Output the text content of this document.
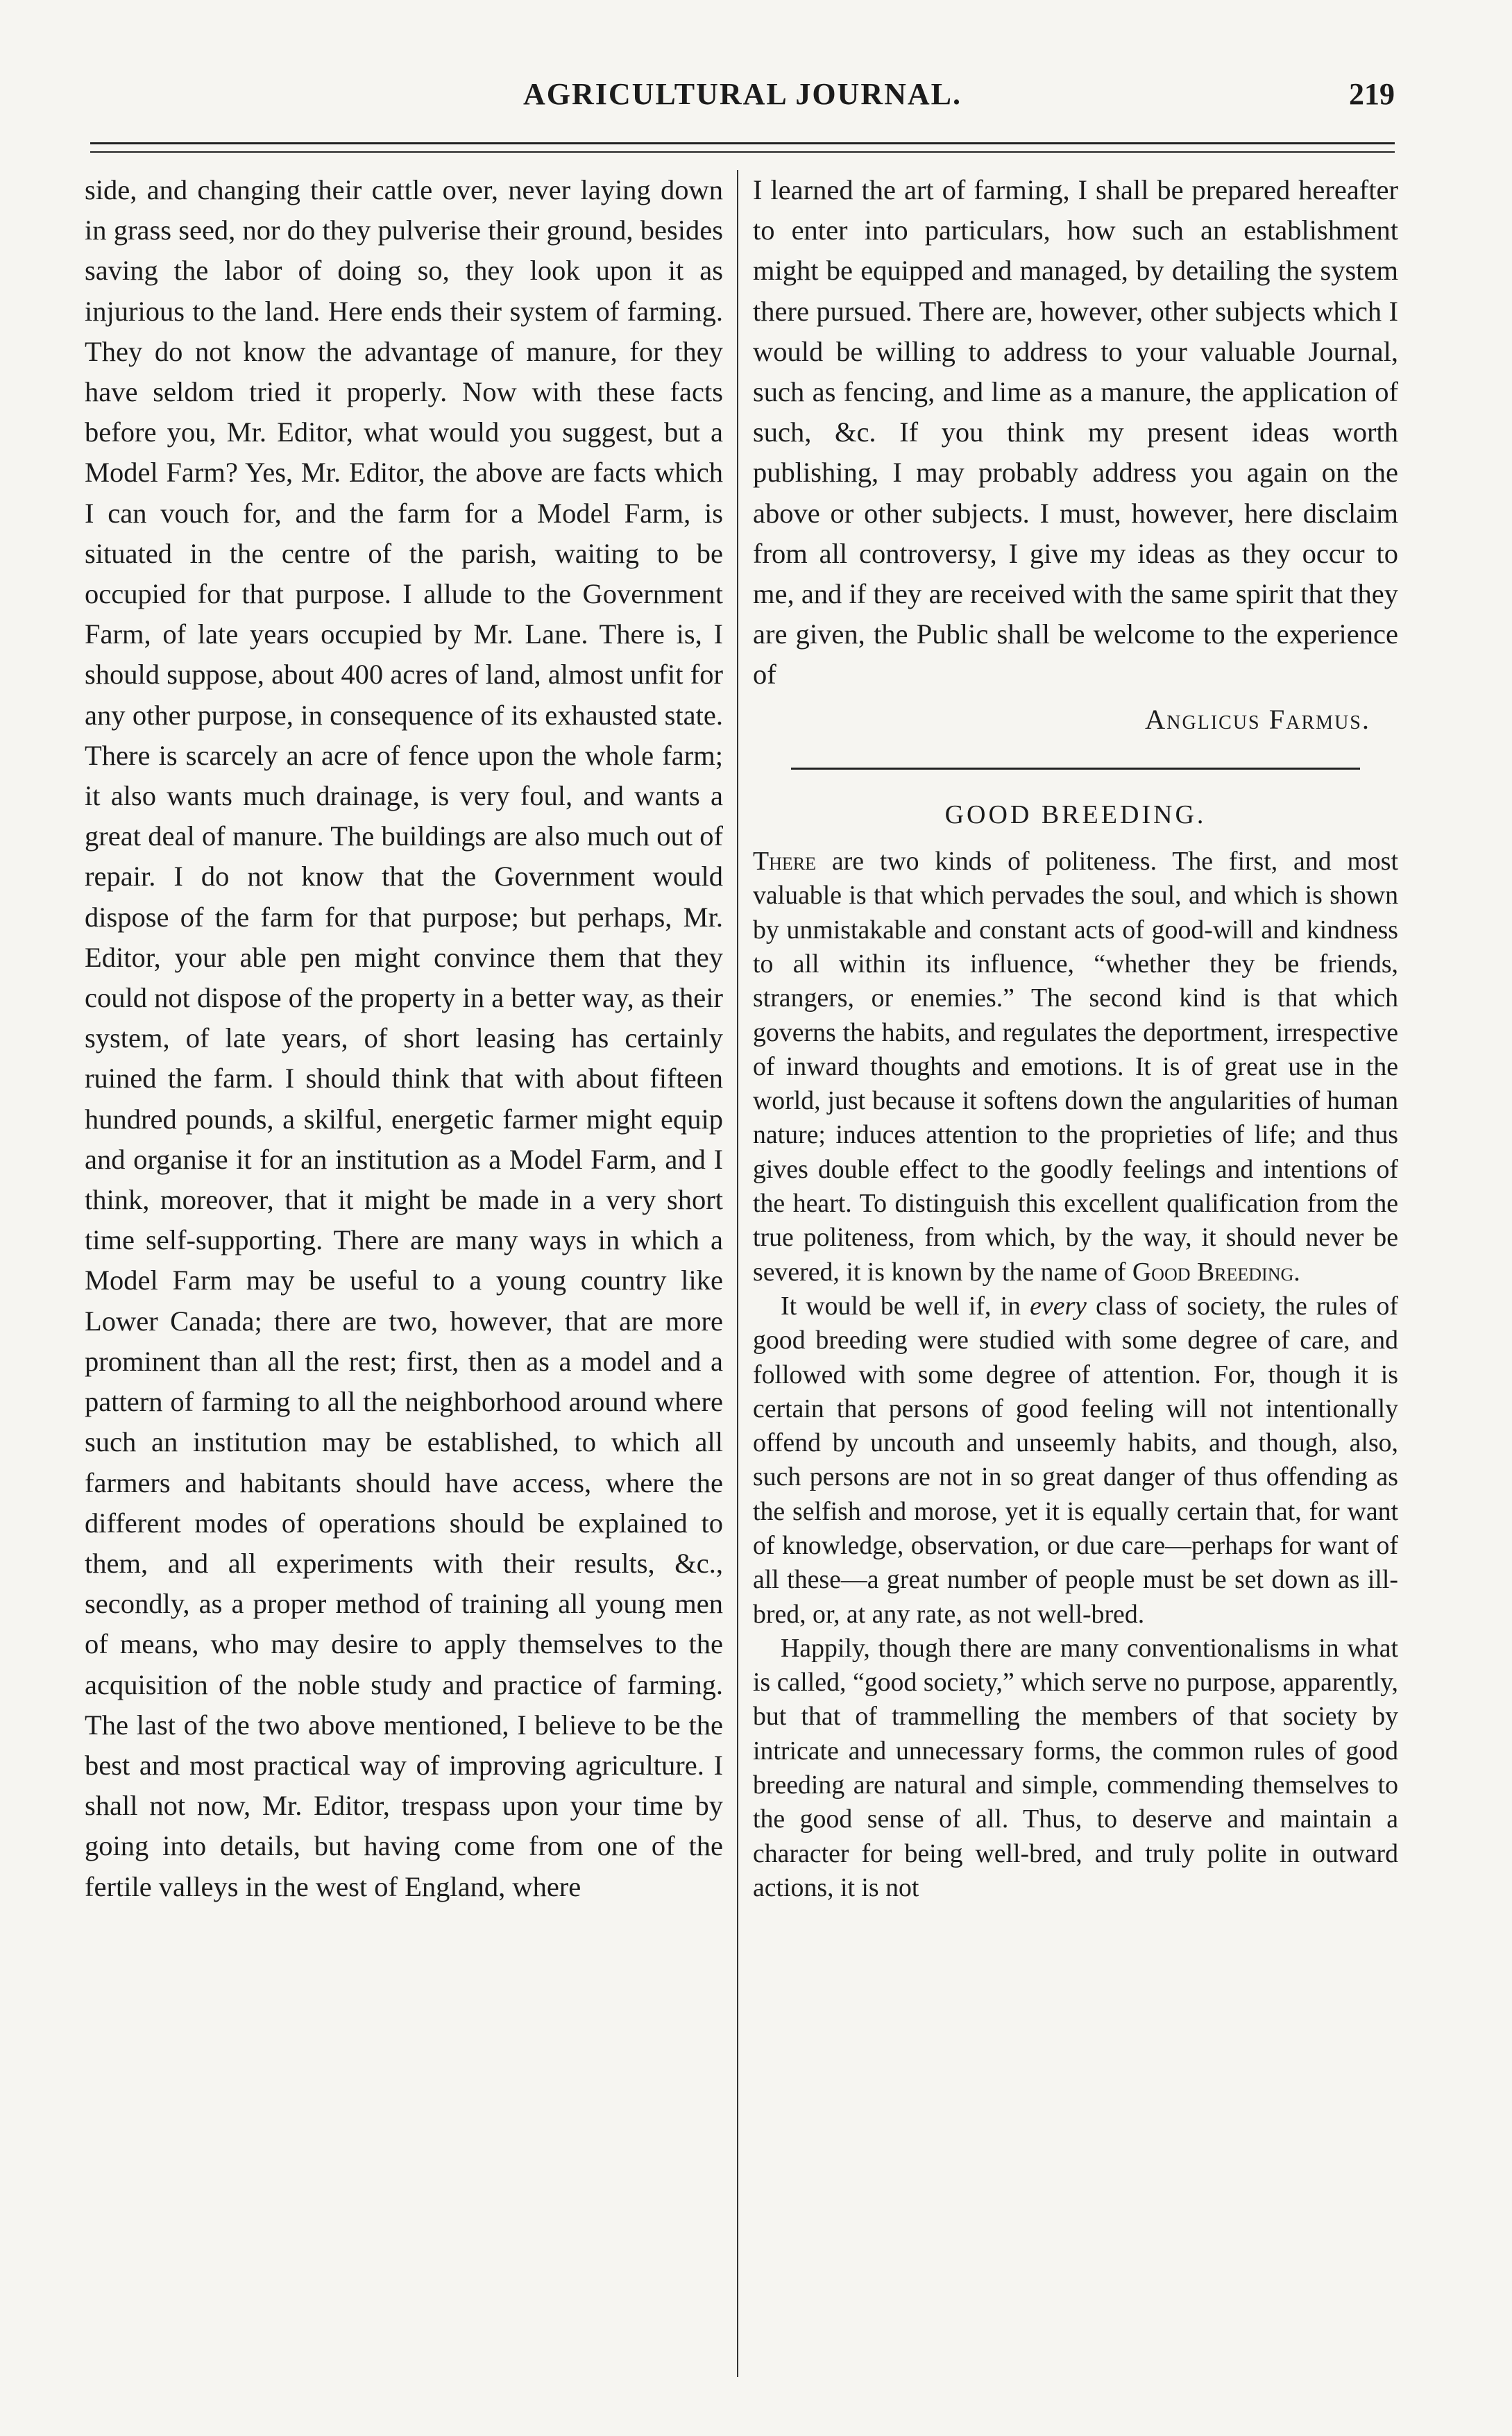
AGRICULTURAL JOURNAL.	219

side, and changing their cattle over, never laying down in grass seed, nor do they pulverise their ground, besides saving the labor of doing so, they look upon it as injurious to the land. Here ends their system of farming. They do not know the advantage of manure, for they have seldom tried it properly. Now with these facts before you, Mr. Editor, what would you suggest, but a Model Farm? Yes, Mr. Editor, the above are facts which I can vouch for, and the farm for a Model Farm, is situated in the centre of the parish, waiting to be occupied for that purpose. I allude to the Government Farm, of late years occupied by Mr. Lane. There is, I should suppose, about 400 acres of land, almost unfit for any other purpose, in consequence of its exhausted state. There is scarcely an acre of fence upon the whole farm; it also wants much drainage, is very foul, and wants a great deal of manure. The buildings are also much out of repair. I do not know that the Government would dispose of the farm for that purpose; but perhaps, Mr. Editor, your able pen might convince them that they could not dispose of the property in a better way, as their system, of late years, of short leasing has certainly ruined the farm. I should think that with about fifteen hundred pounds, a skilful, energetic farmer might equip and organise it for an institution as a Model Farm, and I think, moreover, that it might be made in a very short time self-supporting. There are many ways in which a Model Farm may be useful to a young country like Lower Canada; there are two, however, that are more prominent than all the rest; first, then as a model and a pattern of farming to all the neighborhood around where such an institution may be established, to which all farmers and habitants should have access, where the different modes of operations should be explained to them, and all experiments with their results, &c., secondly, as a proper method of training all young men of means, who may desire to apply themselves to the acquisition of the noble study and practice of farming. The last of the two above mentioned, I believe to be the best and most practical way of improving agriculture. I shall not now, Mr. Editor, trespass upon your time by going into details, but having come from one of the fertile valleys in the west of England, where

I learned the art of farming, I shall be prepared hereafter to enter into particulars, how such an establishment might be equipped and managed, by detailing the system there pursued. There are, however, other subjects which I would be willing to address to your valuable Journal, such as fencing, and lime as a manure, the application of such, &c. If you think my present ideas worth publishing, I may probably address you again on the above or other subjects. I must, however, here disclaim from all controversy, I give my ideas as they occur to me, and if they are received with the same spirit that they are given, the Public shall be welcome to the experience of

Anglicus Farmus.

GOOD BREEDING.

There are two kinds of politeness. The first, and most valuable is that which pervades the soul, and which is shown by unmistakable and constant acts of good-will and kindness to all within its influence, “whether they be friends, strangers, or enemies.” The second kind is that which governs the habits, and regulates the deportment, irrespective of inward thoughts and emotions. It is of great use in the world, just because it softens down the angularities of human nature; induces attention to the proprieties of life; and thus gives double effect to the goodly feelings and intentions of the heart. To distinguish this excellent qualification from the true politeness, from which, by the way, it should never be severed, it is known by the name of Good Breeding.

It would be well if, in every class of society, the rules of good breeding were studied with some degree of care, and followed with some degree of attention. For, though it is certain that persons of good feeling will not intentionally offend by uncouth and unseemly habits, and though, also, such persons are not in so great danger of thus offending as the selfish and morose, yet it is equally certain that, for want of knowledge, observation, or due care—perhaps for want of all these—a great number of people must be set down as ill-bred, or, at any rate, as not well-bred.

Happily, though there are many conventionalisms in what is called, “good society,” which serve no purpose, apparently, but that of trammelling the members of that society by intricate and unnecessary forms, the common rules of good breeding are natural and simple, commending themselves to the good sense of all. Thus, to deserve and maintain a character for being well-bred, and truly polite in outward actions, it is not
